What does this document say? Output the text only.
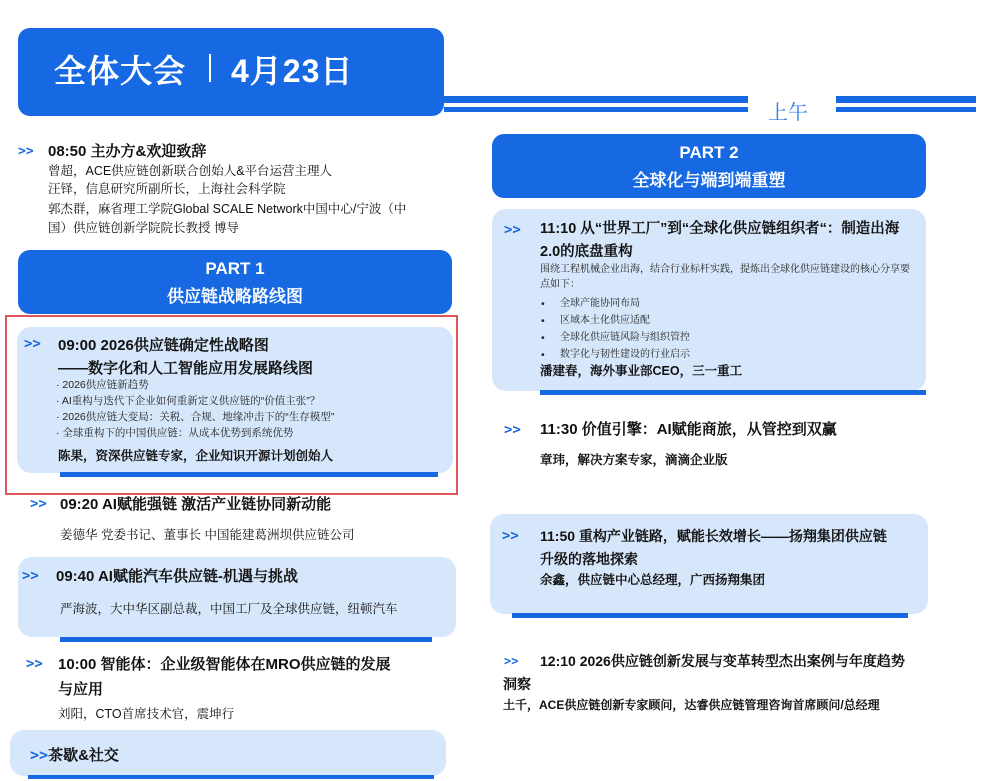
全体大会 4月23日
上午
>> 08:50 主办方&欢迎致辞
曾超，ACE供应链创新联合创始人&平台运营主理人
汪铎，信息研究所副所长，上海社会科学院
郭杰群，麻省理工学院Global SCALE Network中国中心/宁波（中
国）供应链创新学院院长教授 博导
PART 1
供应链战略路线图
>> 09:00 2026供应链确定性战略图
——数字化和人工智能应用发展路线图
· 2026供应链新趋势
· AI重构与迭代下企业如何重新定义供应链的“价值主张”？
· 2026供应链大变局：关税、合规、地缘冲击下的“生存模型”
· 全球重构下的中国供应链：从成本优势到系统优势
陈果，资深供应链专家，企业知识开源计划创始人
>> 09:20 AI赋能强链 激活产业链协同新动能
姜德华 党委书记、董事长 中国能建葛洲坝供应链公司
>> 09:40 AI赋能汽车供应链-机遇与挑战
严海波，大中华区副总裁，中国工厂及全球供应链，纽顿汽车
>> 10:00 智能体：企业级智能体在MRO供应链的发展
与应用
刘阳，CTO首席技术官，震坤行
>>茶歇&社交
PART 2
全球化与端到端重塑
>> 11:10 从“世界工厂”到“全球化供应链组织者“：制造出海
2.0的底盘重构
围绕工程机械企业出海，结合行业标杆实践，提炼出全球化供应链建设的核心分享要
点如下：
• 全球产能协同布局
• 区域本土化供应适配
• 全球化供应链风险与组织管控
• 数字化与韧性建设的行业启示
潘建春，海外事业部CEO，三一重工
>> 11:30 价值引擎：AI赋能商旅，从管控到双赢
章玮，解决方案专家，滴滴企业版
>> 11:50 重构产业链路，赋能长效增长——扬翔集团供应链
升级的落地探索
余鑫，供应链中心总经理，广西扬翔集团
>> 12:10 2026供应链创新发展与变革转型杰出案例与年度趋势
洞察
土千，ACE供应链创新专家顾问，达睿供应链管理咨询首席顾问/总经理
